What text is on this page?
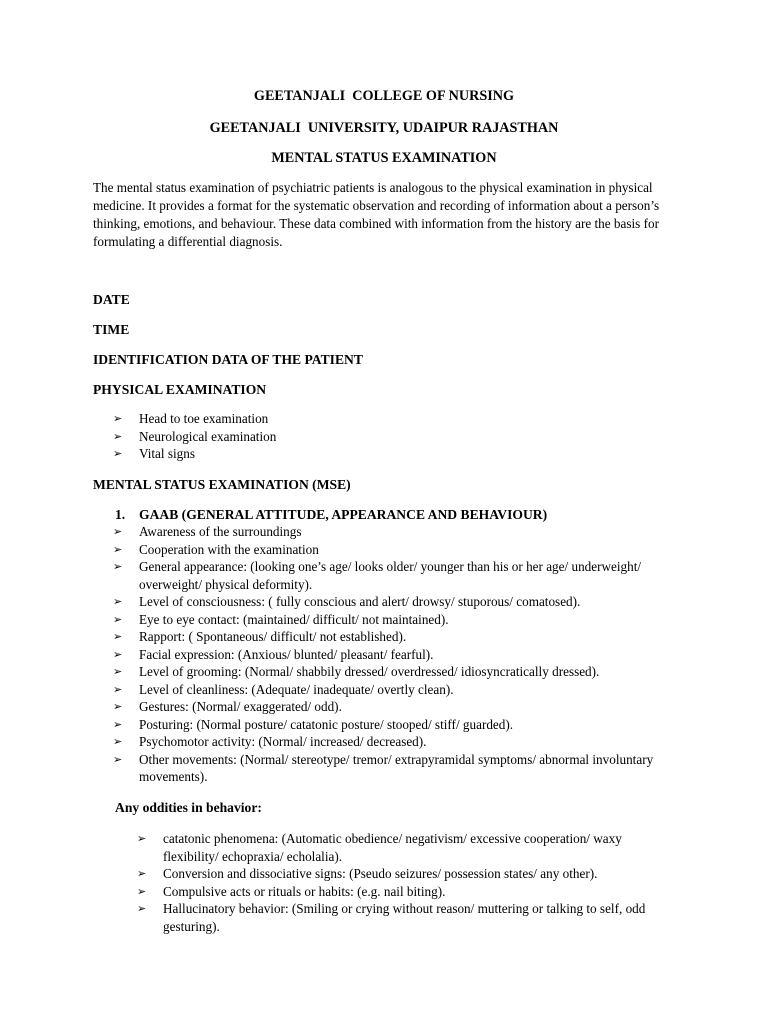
GEETANJALI  COLLEGE OF NURSING
GEETANJALI  UNIVERSITY, UDAIPUR RAJASTHAN
MENTAL STATUS EXAMINATION
The mental status examination of psychiatric patients is analogous to the physical examination in physical medicine. It provides a format for the systematic observation and recording of information about a person’s thinking, emotions, and behaviour. These data combined with information from the history are the basis for formulating a differential diagnosis.
DATE
TIME
IDENTIFICATION DATA OF THE PATIENT
PHYSICAL EXAMINATION
➢ Head to toe examination
➢ Neurological examination
➢ Vital signs
MENTAL STATUS EXAMINATION (MSE)
1. GAAB (GENERAL ATTITUDE, APPEARANCE AND BEHAVIOUR)
➢ Awareness of the surroundings
➢ Cooperation with the examination
➢ General appearance: (looking one’s age/ looks older/ younger than his or her age/ underweight/ overweight/ physical deformity).
➢ Level of consciousness: ( fully conscious and alert/ drowsy/ stuporous/ comatosed).
➢ Eye to eye contact: (maintained/ difficult/ not maintained).
➢ Rapport: ( Spontaneous/ difficult/ not established).
➢ Facial expression: (Anxious/ blunted/ pleasant/ fearful).
➢ Level of grooming: (Normal/ shabbily dressed/ overdressed/ idiosyncratically dressed).
➢ Level of cleanliness: (Adequate/ inadequate/ overtly clean).
➢ Gestures: (Normal/ exaggerated/ odd).
➢ Posturing: (Normal posture/ catatonic posture/ stooped/ stiff/ guarded).
➢ Psychomotor activity: (Normal/ increased/ decreased).
➢ Other movements: (Normal/ stereotype/ tremor/ extrapyramidal symptoms/ abnormal involuntary movements).
Any oddities in behavior:
➢ catatonic phenomena: (Automatic obedience/ negativism/ excessive cooperation/ waxy flexibility/ echopraxia/ echolalia).
➢ Conversion and dissociative signs: (Pseudo seizures/ possession states/ any other).
➢ Compulsive acts or rituals or habits: (e.g. nail biting).
➢ Hallucinatory behavior: (Smiling or crying without reason/ muttering or talking to self, odd gesturing).
